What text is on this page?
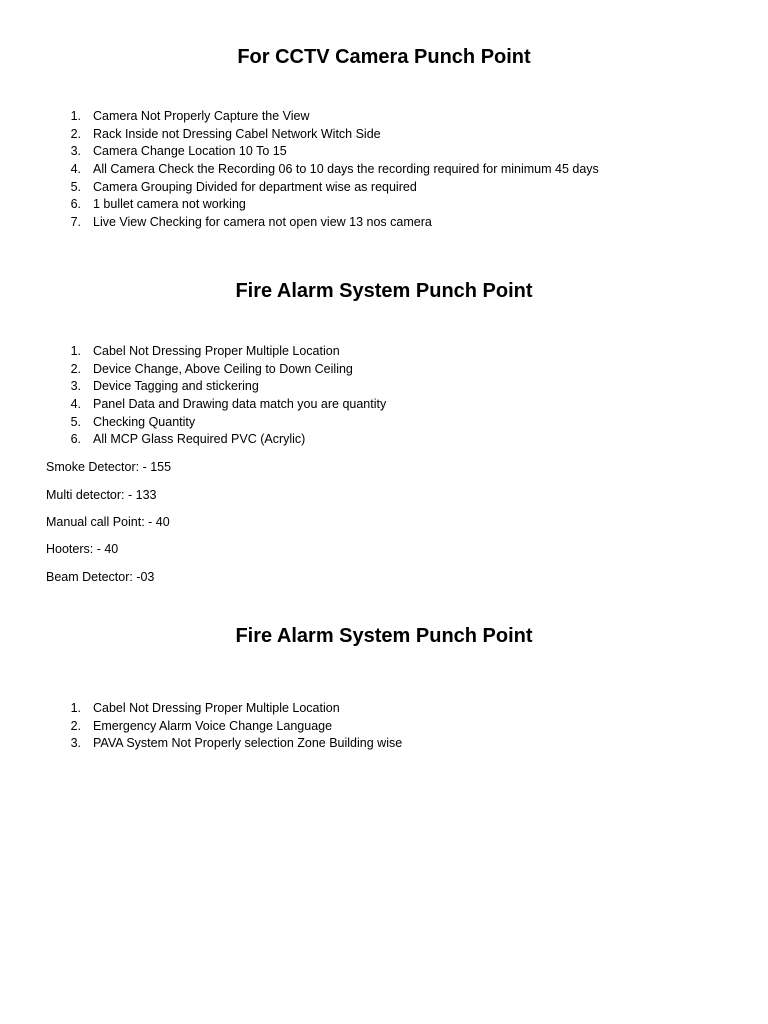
For CCTV Camera Punch Point
1. Camera Not Properly Capture the View
2. Rack Inside not Dressing Cabel Network Witch Side
3. Camera Change Location 10 To 15
4. All Camera Check the Recording 06 to 10 days the recording required for minimum 45 days
5. Camera Grouping Divided for department wise as required
6. 1 bullet camera not working
7. Live View Checking for camera not open view 13 nos camera
Fire Alarm System Punch Point
1. Cabel Not Dressing Proper Multiple Location
2. Device Change, Above Ceiling to Down Ceiling
3. Device Tagging and stickering
4. Panel Data and Drawing data match you are quantity
5. Checking Quantity
6. All MCP Glass Required PVC (Acrylic)

Smoke Detector: - 155

Multi detector: - 133

Manual call Point: - 40

Hooters: - 40

Beam Detector: -03

Fire Alarm System Punch Point
1. Cabel Not Dressing Proper Multiple Location
2. Emergency Alarm Voice Change Language
3. PAVA System Not Properly selection Zone Building wise
